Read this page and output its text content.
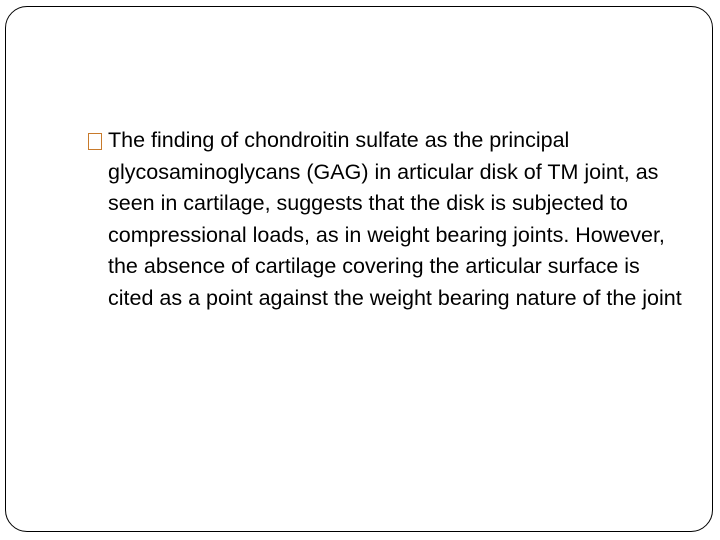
The finding of chondroitin sulfate as the principal glycosaminoglycans (GAG) in articular disk of TM joint, as seen in cartilage, suggests that the disk is subjected to compressional loads, as in weight bearing joints. However, the absence of cartilage covering the articular surface is cited as a point against the weight bearing nature of the joint
